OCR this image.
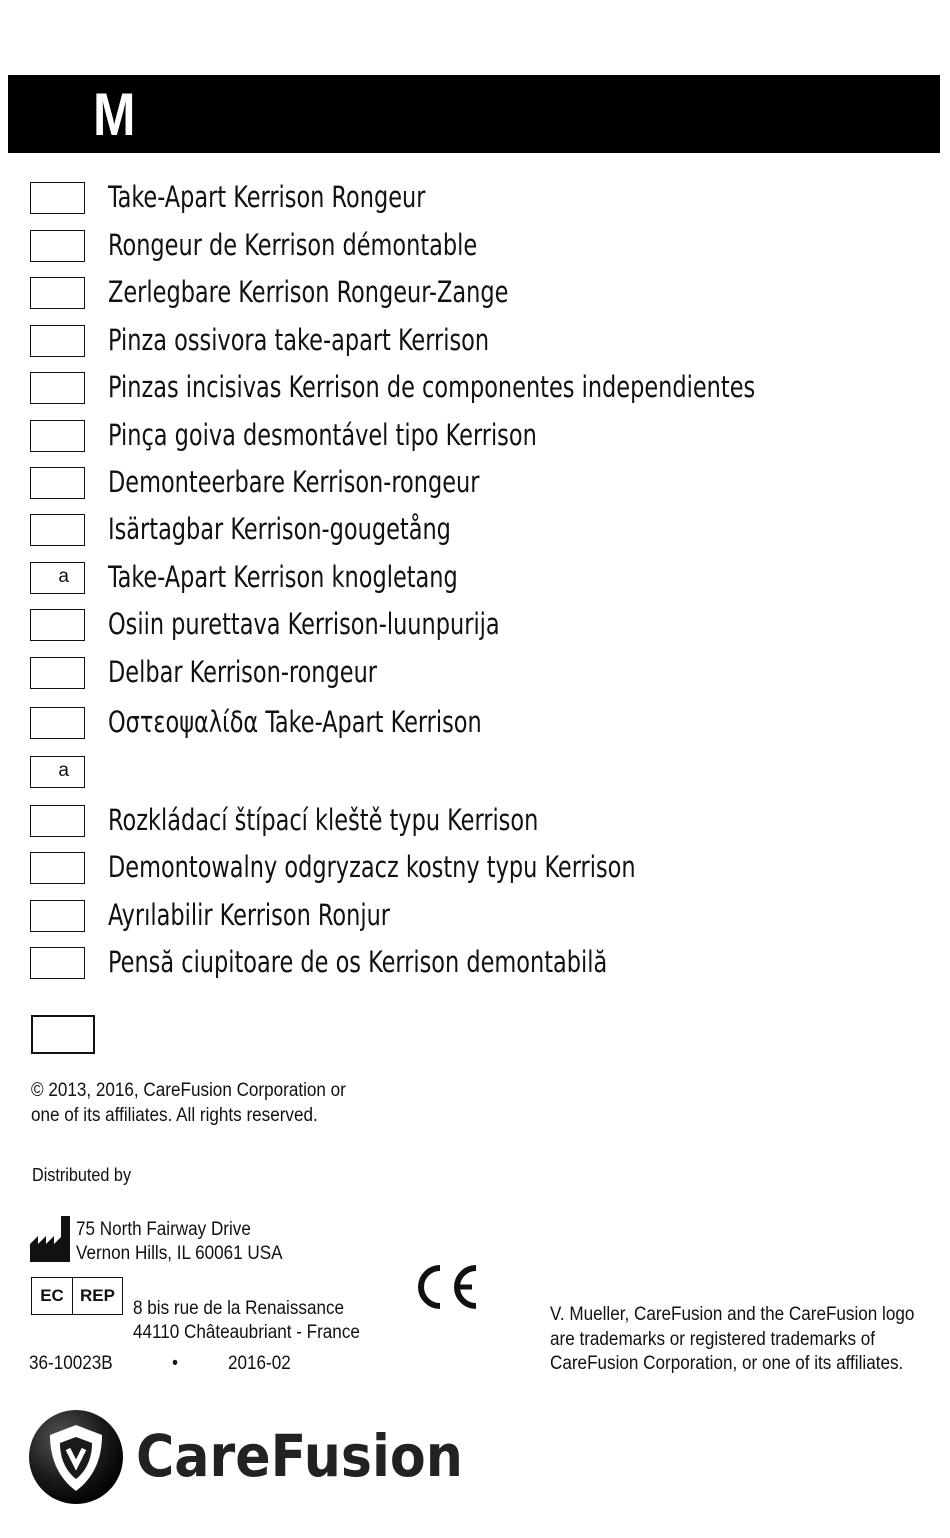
M
Take-Apart Kerrison Rongeur
Rongeur de Kerrison démontable
Zerlegbare Kerrison Rongeur-Zange
Pinza ossivora take-apart Kerrison
Pinzas incisivas Kerrison de componentes independientes
Pinça goiva desmontável tipo Kerrison
Demonteerbare Kerrison-rongeur
Isärtagbar Kerrison-gougetång
a	Take-Apart Kerrison knogletang
Osiin purettava Kerrison-luunpurija
Delbar Kerrison-rongeur
Οστεοψαλίδα Take-Apart Kerrison
a
Rozkládací štípací kleště typu Kerrison
Demontowalny odgryzacz kostny typu Kerrison
Ayrılabilir Kerrison Ronjur
Pensă ciupitoare de os Kerrison demontabilă
© 2013, 2016, CareFusion Corporation or
one of its affiliates. All rights reserved.
Distributed by
75 North Fairway Drive
Vernon Hills, IL 60061 USA
EC REP
8 bis rue de la Renaissance
44110 Châteaubriant - France
36-10023B	•	2016-02
V. Mueller, CareFusion and the CareFusion logo
are trademarks or registered trademarks of
CareFusion Corporation, or one of its affiliates.
CareFusion
